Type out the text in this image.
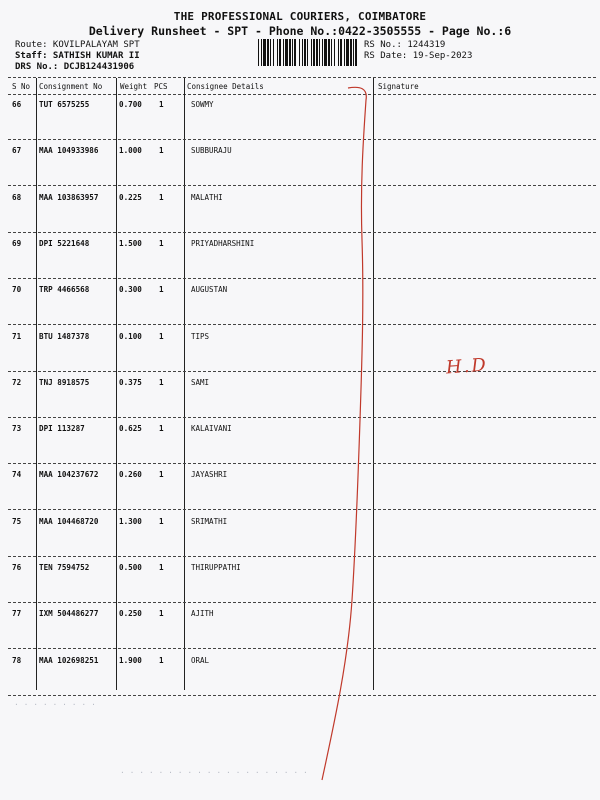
THE PROFESSIONAL COURIERS, COIMBATORE
Delivery Runsheet - SPT - Phone No.:0422-3505555 - Page No.:6
Route: KOVILPALAYAM SPT
Staff: SATHISH KUMAR II
DRS No.: DCJB124431906
RS No.: 1244319
RS Date: 19-Sep-2023
S No Consignment No Weight PCS	Consignee Details	Signature
66 TUT 6575255	0.700 1	SOWMY
67 MAA 104933986	1.000 1	SUBBURAJU
68 MAA 103863957	0.225 1	MALATHI
69 DPI 5221648	1.500 1	PRIYADHARSHINI
70 TRP 4466568	0.300 1	AUGUSTAN
71 BTU 1487378	0.100 1	TIPS
72 TNJ 8918575	0.375 1	SAMI
73 DPI 113287	0.625 1	KALAIVANI
74 MAA 104237672	0.260 1	JAYASHRI
75 MAA 104468720	1.300 1	SRIMATHI
76 TEN 7594752	0.500 1	THIRUPPATHI
77 IXM 504486277	0.250 1	AJITH
78 MAA 102698251	1.900 1	ORAL
H.D
· · · · · · · · ·
· · · · · · · · · · · · · · · · · · · ·
